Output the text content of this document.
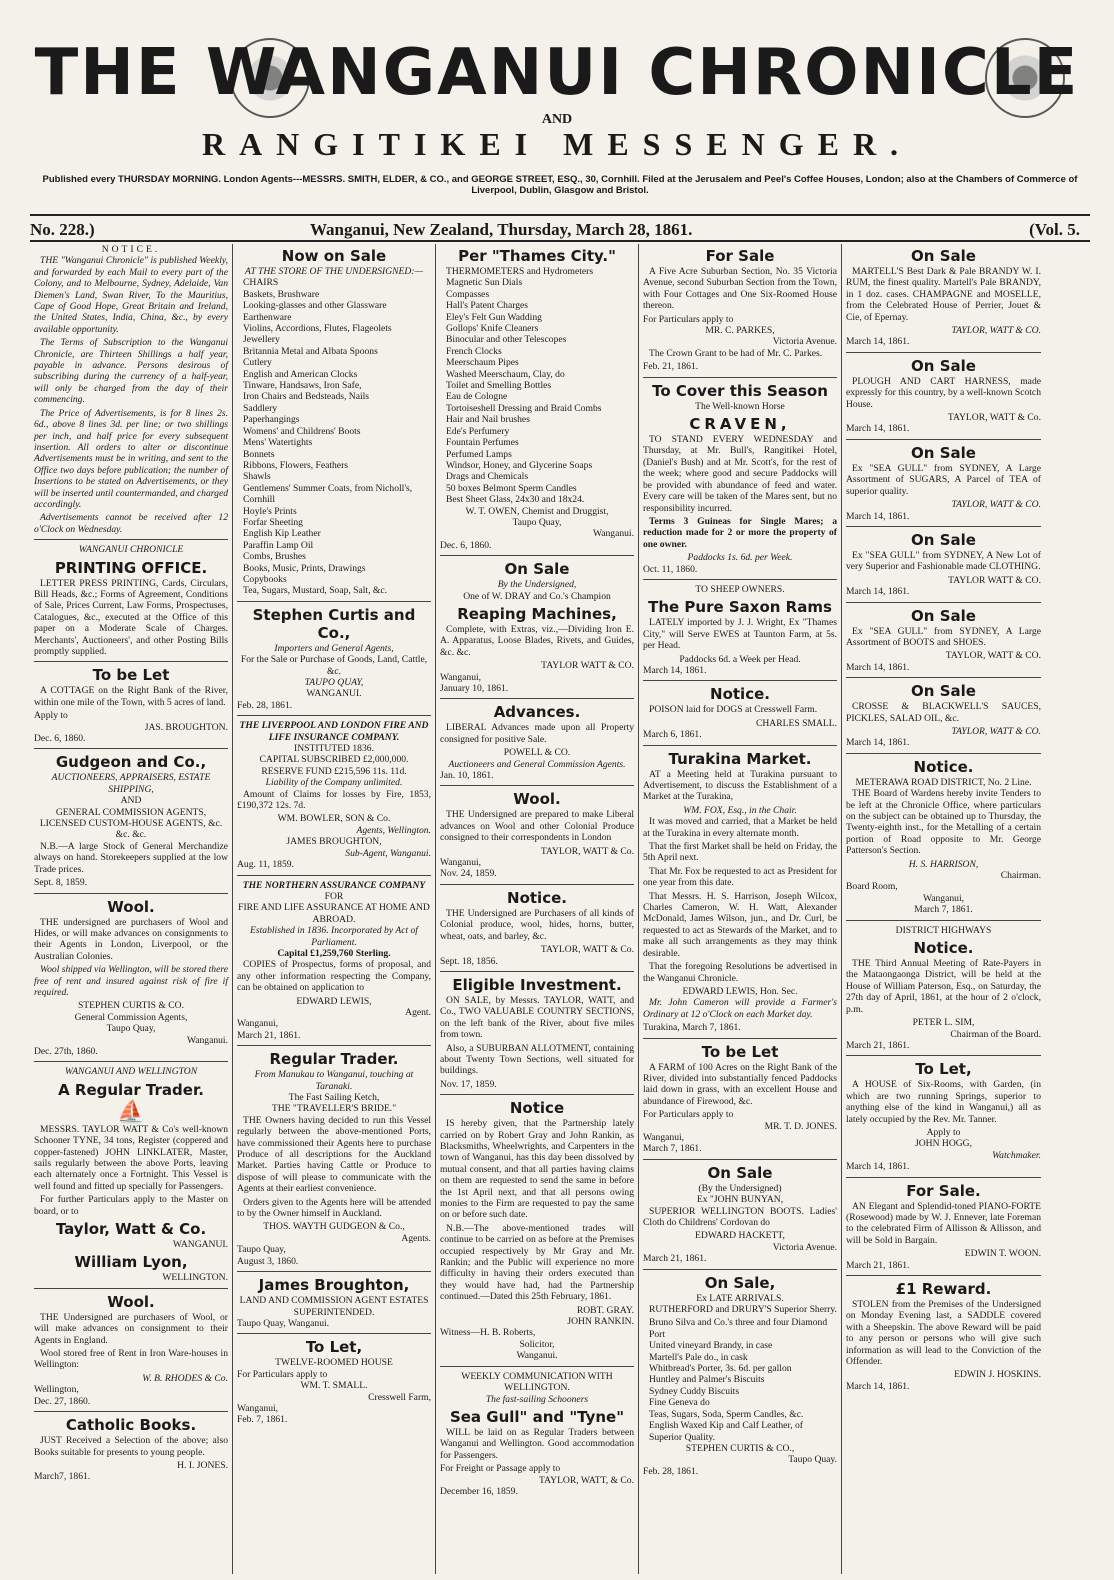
THE WANGANUI CHRONICLE
AND
RANGITIKEI MESSENGER.
Published every THURSDAY MORNING. London Agents---MESSRS. SMITH, ELDER, & CO., and GEORGE STREET, ESQ., 30, Cornhill. Filed at the Jerusalem and Peel's Coffee Houses, London; also at the Chambers of Commerce of Liverpool, Dublin, Glasgow and Bristol.
No. 228.)	Wanganui, New Zealand, Thursday, March 28, 1861.	(Vol. 5.
NOTICE.

THE "Wanganui Chronicle" is published Weekly, and forwarded by each Mail to every part of the Colony, and to Melbourne, Sydney, Adelaide, Van Diemen's Land, Swan River, To the Mauritius, Cape of Good Hope, Great Britain and Ireland, the United States, India, China, &c., by every available opportunity.

The Terms of Subscription to the Wanganui Chronicle, are Thirteen Shillings a half year, payable in advance. Persons desirous of subscribing during the currency of a half-year, will only be charged from the day of their commencing.

The Price of Advertisements, is for 8 lines 2s. 6d., above 8 lines 3d. per line; or two shillings per inch, and half price for every subsequent insertion. All orders to alter or discontinue Advertisements must be in writing, and sent to the Office two days before publication; the number of Insertions to be stated on Advertisements, or they will be inserted until countermanded, and charged accordingly.

Advertisements cannot be received after 12 o'Clock on Wednesday.

WANGANUI CHRONICLE
PRINTING OFFICE.

LETTER PRESS PRINTING, Cards, Circulars, Bill Heads, &c.; Forms of Agreement, Conditions of Sale, Prices Current, Law Forms, Prospectuses, Catalogues, &c., executed at the Office of this paper on a Moderate Scale of Charges. Merchants', Auctioneers', and other Posting Bills promptly supplied.

To be Let

A COTTAGE on the Right Bank of the River, within one mile of the Town, with 5 acres of land.

Apply to
JAS. BROUGHTON.
Dec. 6, 1860.
Gudgeon and Co.,
AUCTIONEERS, APPRAISERS, ESTATE SHIPPING,
AND
GENERAL COMMISSION AGENTS, LICENSED CUSTOM-HOUSE AGENTS, &c. &c. &c.

N.B.—A large Stock of General Merchandize always on hand. Storekeepers supplied at the low Trade prices.

Sept. 8, 1859.
Wool.

THE undersigned are purchasers of Wool and Hides, or will make advances on consignments to their Agents in London, Liverpool, or the Australian Colonies.

Wool shipped via Wellington, will be stored there free of rent and insured against risk of fire if required.

STEPHEN CURTIS & CO.
General Commission Agents,
Taupo Quay,
Wanganui.
Dec. 27th, 1860.
WANGANUI AND WELLINGTON
A Regular Trader.
⛵

MESSRS. TAYLOR WATT & Co's well-known Schooner TYNE, 34 tons, Register (coppered and copper-fastened) JOHN LINKLATER, Master, sails regularly between the above Ports, leaving each alternately once a Fortnight. This Vessel is well found and fitted up specially for Passengers.

For further Particulars apply to the Master on board, or to

Taylor, Watt & Co.
WANGANUI.
William Lyon,
WELLINGTON.
Wool.

THE Undersigned are purchasers of Wool, or will make advances on consignment to their Agents in England.

Wool stored free of Rent in Iron Ware-houses in Wellington:

W. B. RHODES & Co.
Wellington,
Dec. 27, 1860.
Catholic Books.

JUST Received a Selection of the above; also Books suitable for presents to young people.

H. I. JONES.
March7, 1861.
Now on Sale
AT THE STORE OF THE UNDERSIGNED:—
CHAIRS
Baskets, Brushware
Looking-glasses and other Glassware
Earthenware
Violins, Accordions, Flutes, Flageolets
Jewellery
Britannia Metal and Albata Spoons
Cutlery
English and American Clocks
Tinware, Handsaws, Iron Safe,
Iron Chairs and Bedsteads, Nails
Saddlery
Paperhangings
Womens' and Childrens' Boots
Mens' Watertights
Bonnets
Ribbons, Flowers, Feathers
Shawls
Gentlemens' Summer Coats, from Nicholl's, Cornhill
Hoyle's Prints
Forfar Sheeting
English Kip Leather
Paraffin Lamp Oil
Combs, Brushes
Books, Music, Prints, Drawings
Copybooks
Tea, Sugars, Mustard, Soap, Salt, &c.
Stephen Curtis and Co.,
Importers and General Agents,
For the Sale or Purchase of Goods, Land, Cattle, &c.
TAUPO QUAY,
WANGANUI.
Feb. 28, 1861.
THE LIVERPOOL AND LONDON FIRE AND LIFE INSURANCE COMPANY.
INSTITUTED 1836.
CAPITAL SUBSCRIBED £2,000,000.
RESERVE FUND £215,596 11s. 11d.
Liability of the Company unlimited.

Amount of Claims for losses by Fire, 1853, £190,372 12s. 7d.

WM. BOWLER, SON & Co.
Agents, Wellington.
JAMES BROUGHTON,
Sub-Agent, Wanganui.
Aug. 11, 1859.
THE NORTHERN ASSURANCE COMPANY
FOR
FIRE AND LIFE ASSURANCE AT HOME AND ABROAD.
Established in 1836. Incorporated by Act of Parliament.
Capital £1,259,760 Sterling.

COPIES of Prospectus, forms of proposal, and any other information respecting the Company, can be obtained on application to

EDWARD LEWIS,
Agent.
Wanganui,
March 21, 1861.
Regular Trader.
From Manukau to Wanganui, touching at Taranaki.
The Fast Sailing Ketch,
THE "TRAVELLER'S BRIDE."

THE Owners having decided to run this Vessel regularly between the above-mentioned Ports, have commissioned their Agents here to purchase Produce of all descriptions for the Auckland Market. Parties having Cattle or Produce to dispose of will please to communicate with the Agents at their earliest convenience.

Orders given to the Agents here will be attended to by the Owner himself in Auckland.

THOS. WAYTH GUDGEON & Co.,
Agents.
Taupo Quay,
August 3, 1860.
James Broughton,
LAND AND COMMISSION AGENT ESTATES SUPERINTENDED.
Taupo Quay, Wanganui.
To Let,
TWELVE-ROOMED HOUSE
For Particulars apply to
WM. T. SMALL.
Cresswell Farm,
Wanganui,
Feb. 7, 1861.
Per "Thames City."
THERMOMETERS and Hydrometers
Magnetic Sun Dials
Compasses
Hall's Patent Charges
Eley's Felt Gun Wadding
Gollops' Knife Cleaners
Binocular and other Telescopes
French Clocks
Meerschaum Pipes
Washed Meerschaum, Clay, do
Toilet and Smelling Bottles
Eau de Cologne
Tortoiseshell Dressing and Braid Combs
Hair and Nail brushes
Ede's Perfumery
Fountain Perfumes
Perfumed Lamps
Windsor, Honey, and Glycerine Soaps
Drags and Chemicals
50 boxes Belmont Sperm Candles
Best Sheet Glass, 24x30 and 18x24.
W. T. OWEN, Chemist and Druggist,
Taupo Quay,
Wanganui.
Dec. 6, 1860.
On Sale
By the Undersigned,
One of W. DRAY and Co.'s Champion
Reaping Machines,

Complete, with Extras, viz.,—Dividing Iron E. A. Apparatus, Loose Blades, Rivets, and Guides, &c. &c.

TAYLOR WATT & CO.
Wanganui,
January 10, 1861.
Advances.

LIBERAL Advances made upon all Property consigned for positive Sale.

POWELL & CO.
Auctioneers and General Commission Agents.
Jan. 10, 1861.
Wool.

THE Undersigned are prepared to make Liberal advances on Wool and other Colonial Produce consigned to their correspondents in London

TAYLOR, WATT & Co.
Wanganui,
Nov. 24, 1859.
Notice.

THE Undersigned are Purchasers of all kinds of Colonial produce, wool, hides, horns, butter, wheat, oats, and barley, &c.

TAYLOR, WATT & Co.
Sept. 18, 1856.
Eligible Investment.

ON SALE, by Messrs. TAYLOR, WATT, and Co., TWO VALUABLE COUNTRY SECTIONS, on the left bank of the River, about five miles from town.

Also, a SUBURBAN ALLOTMENT, containing about Twenty Town Sections, well situated for buildings.

Nov. 17, 1859.
Notice

IS hereby given, that the Partnership lately carried on by Robert Gray and John Rankin, as Blacksmiths, Wheelwrights, and Carpenters in the town of Wanganui, has this day been dissolved by mutual consent, and that all parties having claims on them are requested to send the same in before the 1st April next, and that all persons owing monies to the Firm are requested to pay the same on or before such date.

N.B.—The above-mentioned trades will continue to be carried on as before at the Premises occupied respectively by Mr Gray and Mr. Rankin; and the Public will experience no more difficulty in having their orders executed than they would have had, had the Partnership continued.—Dated this 25th February, 1861.

ROBT. GRAY.
JOHN RANKIN.
Witness—H. B. Roberts,
Solicitor,
Wanganui.
WEEKLY COMMUNICATION WITH WELLINGTON.
The fast-sailing Schooners
Sea Gull" and "Tyne"

WILL be laid on as Regular Traders between Wanganui and Wellington. Good accommodation for Passengers.

For Freight or Passage apply to
TAYLOR, WATT, & Co.
December 16, 1859.
For Sale

A Five Acre Suburban Section, No. 35 Victoria Avenue, second Suburban Section from the Town, with Four Cottages and One Six-Roomed House thereon.

For Particulars apply to
MR. C. PARKES,
Victoria Avenue.

The Crown Grant to be had of Mr. C. Parkes.

Feb. 21, 1861.
To Cover this Season
The Well-known Horse
CRAVEN,

TO STAND EVERY WEDNESDAY and Thursday, at Mr. Bull's, Rangitikei Hotel, (Daniel's Bush) and at Mr. Scott's, for the rest of the week; where good and secure Paddocks will be provided with abundance of feed and water. Every care will be taken of the Mares sent, but no responsibility incurred.

Terms 3 Guineas for Single Mares; a reduction made for 2 or more the property of one owner.

Paddocks 1s. 6d. per Week.
Oct. 11, 1860.
TO SHEEP OWNERS.
The Pure Saxon Rams

LATELY imported by J. J. Wright, Ex "Thames City," will Serve EWES at Taunton Farm, at 5s. per Head.

Paddocks 6d. a Week per Head.
March 14, 1861.
Notice.

POISON laid for DOGS at Cresswell Farm.

CHARLES SMALL.
March 6, 1861.
Turakina Market.

AT a Meeting held at Turakina pursuant to Advertisement, to discuss the Establishment of a Market at the Turakina,

WM. FOX, Esq., in the Chair.

It was moved and carried, that a Market be held at the Turakina in every alternate month.

That the first Market shall be held on Friday, the 5th April next.

That Mr. Fox be requested to act as President for one year from this date.

That Messrs. H. S. Harrison, Joseph Wilcox, Charles Cameron, W. H. Watt, Alexander McDonald, James Wilson, jun., and Dr. Curl, be requested to act as Stewards of the Market, and to make all such arrangements as they may think desirable.

That the foregoing Resolutions be advertised in the Wanganui Chronicle.

EDWARD LEWIS, Hon. Sec.

Mr. John Cameron will provide a Farmer's Ordinary at 12 o'Clock on each Market day.

Turakina, March 7, 1861.
To be Let

A FARM of 100 Acres on the Right Bank of the River, divided into substantially fenced Paddocks laid down in grass, with an excellent House and abundance of Firewood, &c.

For Particulars apply to
MR. T. D. JONES.
Wanganui,
March 7, 1861.
On Sale
(By the Undersigned)
Ex "JOHN BUNYAN,

SUPERIOR WELLINGTON BOOTS. Ladies' Cloth do Childrens' Cordovan do

EDWARD HACKETT,
Victoria Avenue.
March 21, 1861.
On Sale,
Ex LATE ARRIVALS.

RUTHERFORD and DRURY'S Superior Sherry.

Bruno Silva and Co.'s three and four Diamond Port
United vineyard Brandy, in case
Martell's Pale do., in cask
Whitbread's Porter, 3s. 6d. per gallon
Huntley and Palmer's Biscuits
Sydney Cuddy Biscuits
Fine Geneva do
Teas, Sugars, Soda, Sperm Candles, &c.
English Waxed Kip and Calf Leather, of Superior Quality.
STEPHEN CURTIS & CO.,
Taupo Quay.
Feb. 28, 1861.
On Sale

MARTELL'S Best Dark & Pale BRANDY W. I. RUM, the finest quality. Martell's Pale BRANDY, in 1 doz. cases. CHAMPAGNE and MOSELLE, from the Celebrated House of Perrier, Jouet & Cie, of Epernay.

TAYLOR, WATT & CO.
March 14, 1861.
On Sale

PLOUGH AND CART HARNESS, made expressly for this country, by a well-known Scotch House.

TAYLOR, WATT & Co.
March 14, 1861.
On Sale

Ex "SEA GULL" from SYDNEY, A Large Assortment of SUGARS, A Parcel of TEA of superior quality.

TAYLOR, WATT & CO.
March 14, 1861.
On Sale

Ex "SEA GULL" from SYDNEY, A New Lot of very Superior and Fashionable made CLOTHING.

TAYLOR WATT & CO.
March 14, 1861.
On Sale

Ex "SEA GULL" from SYDNEY, A Large Assortment of BOOTS and SHOES.

TAYLOR, WATT & CO.
March 14, 1861.
On Sale

CROSSE & BLACKWELL'S SAUCES, PICKLES, SALAD OIL, &c.

TAYLOR, WATT & CO.
March 14, 1861.
Notice.
METERAWA ROAD DISTRICT, No. 2 Line.

THE Board of Wardens hereby invite Tenders to be left at the Chronicle Office, where particulars on the subject can be obtained up to Thursday, the Twenty-eighth inst., for the Metalling of a certain portion of Road opposite to Mr. George Patterson's Section.

H. S. HARRISON,
Chairman.
Board Room,
Wanganui,
March 7, 1861.
DISTRICT HIGHWAYS
Notice.

THE Third Annual Meeting of Rate-Payers in the Mataongaonga District, will be held at the House of William Paterson, Esq., on Saturday, the 27th day of April, 1861, at the hour of 2 o'clock, p.m.

PETER L. SIM,
Chairman of the Board.
March 21, 1861.
To Let,

A HOUSE of Six-Rooms, with Garden, (in which are two running Springs, superior to anything else of the kind in Wanganui,) all as lately occupied by the Rev. Mr. Tanner.

Apply to
JOHN HOGG,
Watchmaker.
March 14, 1861.
For Sale.

AN Elegant and Splendid-toned PIANO-FORTE (Rosewood) made by W. J. Ennever, late Foreman to the celebrated Firm of Allisson & Allisson, and will be Sold in Bargain.

EDWIN T. WOON.
March 21, 1861.
£1 Reward.

STOLEN from the Premises of the Undersigned on Monday Evening last, a SADDLE covered with a Sheepskin. The above Reward will be paid to any person or persons who will give such information as will lead to the Conviction of the Offender.

EDWIN J. HOSKINS.
March 14, 1861.
